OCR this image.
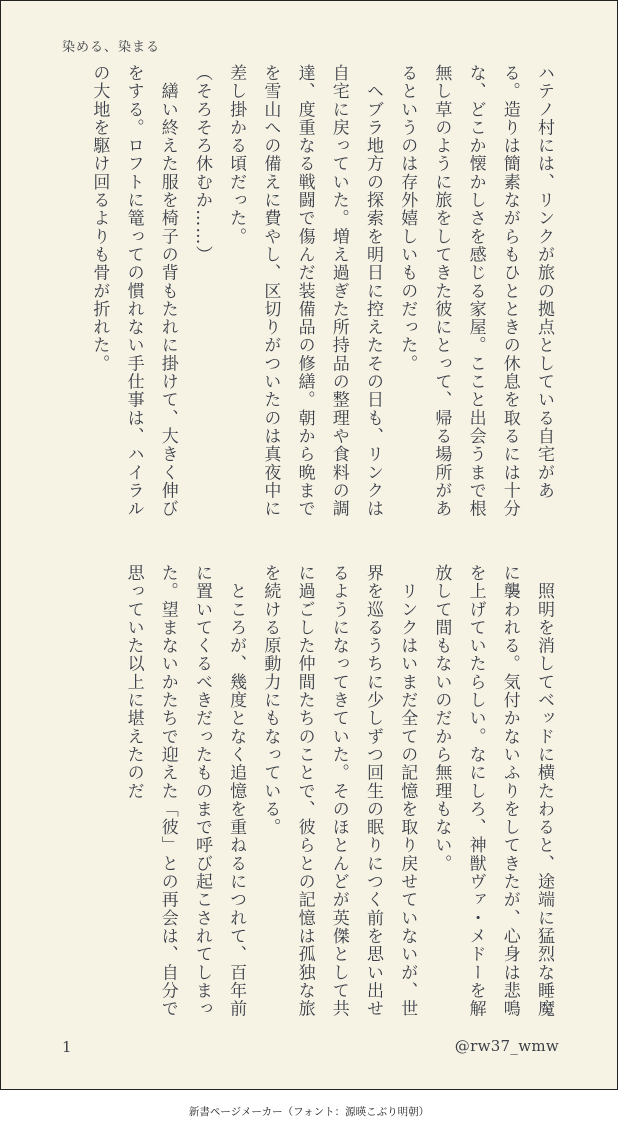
染める、染まる

ハテノ村には、リンクが旅の拠点としている自宅がある。造りは簡素ながらもひとときの休息を取るには十分な、どこか懐かしさを感じる家屋。ここと出会うまで根無し草のように旅をしてきた彼にとって、帰る場所があるというのは存外嬉しいものだった。
　ヘブラ地方の探索を明日に控えたその日も、リンクは自宅に戻っていた。増え過ぎた所持品の整理や食料の調達、度重なる戦闘で傷んだ装備品の修繕。朝から晩までを雪山への備えに費やし、区切りがついたのは真夜中に差し掛かる頃だった。
（そろそろ休むか……）
　繕い終えた服を椅子の背もたれに掛けて、大きく伸びをする。ロフトに篭っての慣れない手仕事は、ハイラルの大地を駆け回るよりも骨が折れた。

　照明を消してベッドに横たわると、途端に猛烈な睡魔に襲われる。気付かないふりをしてきたが、心身は悲鳴を上げていたらしい。なにしろ、神獣ヴァ・メドーを解放して間もないのだから無理もない。
　リンクはいまだ全ての記憶を取り戻せていないが、世界を巡るうちに少しずつ回生の眠りにつく前を思い出せるようになってきていた。そのほとんどが英傑として共に過ごした仲間たちのことで、彼らとの記憶は孤独な旅を続ける原動力にもなっている。
　ところが、幾度となく追憶を重ねるにつれて、百年前に置いてくるべきだったものまで呼び起こされてしまった。望まないかたちで迎えた「彼」との再会は、自分で思っていた以上に堪えたのだ

1	@rw37_wmw
新書ページメーカー（フォント：源暎こぶり明朝）
